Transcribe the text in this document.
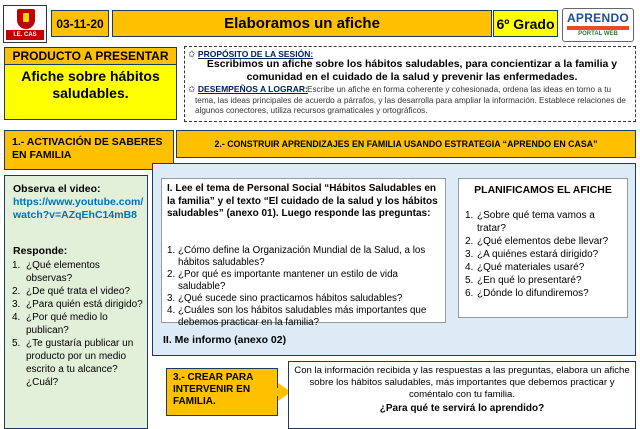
I.E. CAS
03-11-20	Elaboramos un afiche	6º Grado	APRENDO
PORTAL WEB
PRODUCTO A PRESENTAR
Afiche sobre hábitos saludables.
✩ PROPÓSITO DE LA SESIÓN:
Escribimos un afiche sobre los hábitos saludables, para concientizar a la familia y comunidad en el cuidado de la salud y prevenir las enfermedades.
✩ DESEMPEÑOS A LOGRAR: Escribe un afiche en forma coherente y cohesionada, ordena las ideas en torno a tu tema, las ideas principales de acuerdo a párrafos, y las desarrolla para ampliar la información. Establece relaciones de algunos conectores, utiliza recursos gramaticales y ortográficos.
1.- ACTIVACIÓN DE SABERES EN FAMILIA
2.- CONSTRUIR APRENDIZAJES EN FAMILIA USANDO ESTRATEGIA “APRENDO EN CASA”
Observa el video:
https://www.youtube.com/watch?v=AZqEhC14mB8
Responde:
1. ¿Qué elementos observas?
2. ¿De qué trata el video?
3. ¿Para quién está dirigido?
4. ¿Por qué medio lo publican?
5. ¿Te gustaría publicar un producto por un medio escrito a tu alcance? ¿Cuál?
I. Lee el tema de Personal Social “Hábitos Saludables en la familia” y el texto “El cuidado de la salud y los hábitos saludables” (anexo 01). Luego responde las preguntas:
1. ¿Cómo define la Organización Mundial de la Salud, a los hábitos saludables?
2. ¿Por qué es importante mantener un estilo de vida saludable?
3. ¿Qué sucede sino practicamos hábitos saludables?
4. ¿Cuáles son los hábitos saludables más importantes que debemos practicar en la familia?
II. Me informo (anexo 02)
PLANIFICAMOS EL AFICHE
1. ¿Sobre qué tema vamos a tratar?
2. ¿Qué elementos debe llevar?
3. ¿A quiénes estará dirigido?
4. ¿Qué materiales usaré?
5. ¿En qué lo presentaré?
6. ¿Dónde lo difundiremos?
3.- CREAR PARA INTERVENIR EN FAMILIA.
Con la información recibida y las respuestas a las preguntas, elabora un afiche sobre los hábitos saludables, más importantes que debemos practicar y coméntalo con tu familia.
¿Para qué te servirá lo aprendido?
